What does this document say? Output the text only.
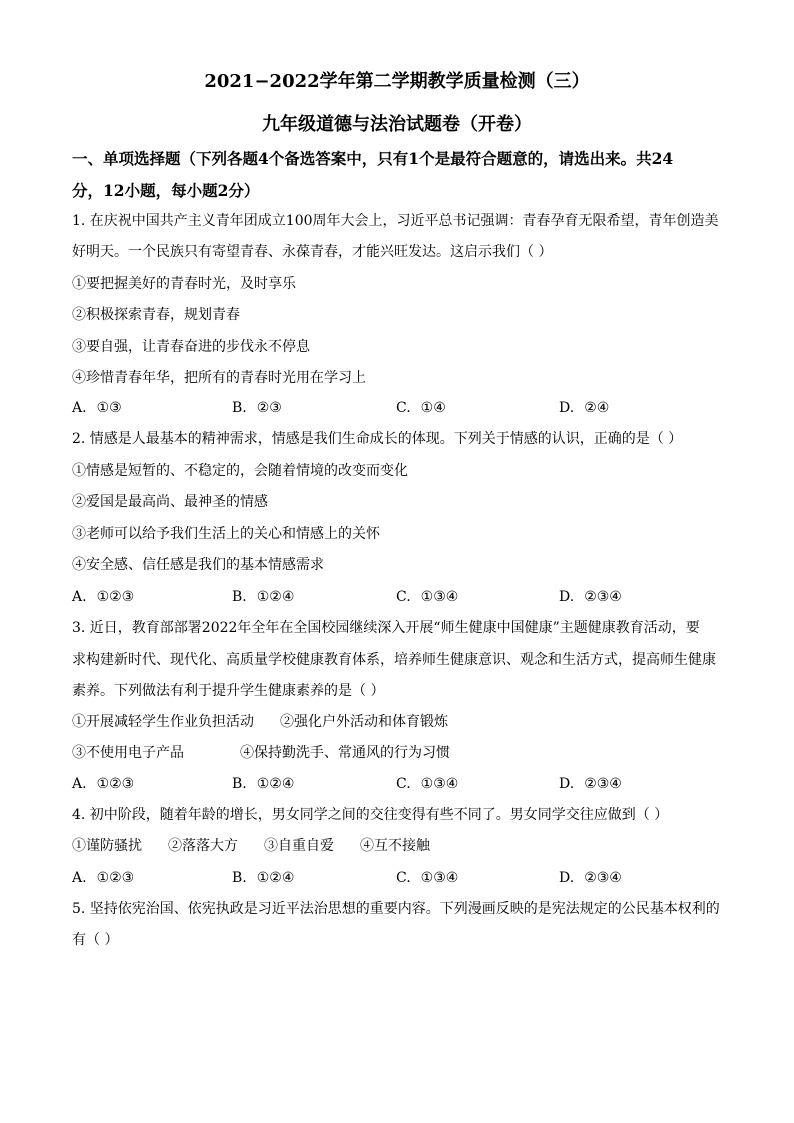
2021−2022学年第二学期教学质量检测（三）
九年级道德与法治试题卷（开卷）
一、单项选择题（下列各题4个备选答案中，只有1个是最符合题意的，请选出来。共24
分，12小题，每小题2分）
1. 在庆祝中国共产主义青年团成立100周年大会上，习近平总书记强调：青春孕育无限希望，青年创造美
好明天。一个民族只有寄望青春、永葆青春，才能兴旺发达。这启示我们（ ）
①要把握美好的青春时光，及时享乐
②积极探索青春，规划青春
③要自强，让青春奋进的步伐永不停息
④珍惜青春年华，把所有的青春时光用在学习上
A. ①③	B. ②③	C. ①④	D. ②④
2. 情感是人最基本的精神需求，情感是我们生命成长的体现。下列关于情感的认识，正确的是（ ）
①情感是短暂的、不稳定的，会随着情境的改变而变化
②爱国是最高尚、最神圣的情感
③老师可以给予我们生活上的关心和情感上的关怀
④安全感、信任感是我们的基本情感需求
A. ①②③	B. ①②④	C. ①③④	D. ②③④
3. 近日，教育部部署2022年全年在全国校园继续深入开展“师生健康中国健康”主题健康教育活动，要
求构建新时代、现代化、高质量学校健康教育体系，培养师生健康意识、观念和生活方式，提高师生健康
素养。下列做法有利于提升学生健康素养的是（ ）
①开展减轻学生作业负担活动 ②强化户外活动和体育锻炼
③不使用电子产品	④保持勤洗手、常通风的行为习惯
A. ①②③	B. ①②④	C. ①③④	D. ②③④
4. 初中阶段，随着年龄的增长，男女同学之间的交往变得有些不同了。男女同学交往应做到（ ）
①谨防骚扰 ②落落大方 ③自重自爱 ④互不接触
A. ①②③	B. ①②④	C. ①③④	D. ②③④
5. 坚持依宪治国、依宪执政是习近平法治思想的重要内容。下列漫画反映的是宪法规定的公民基本权利的
有（ ）
